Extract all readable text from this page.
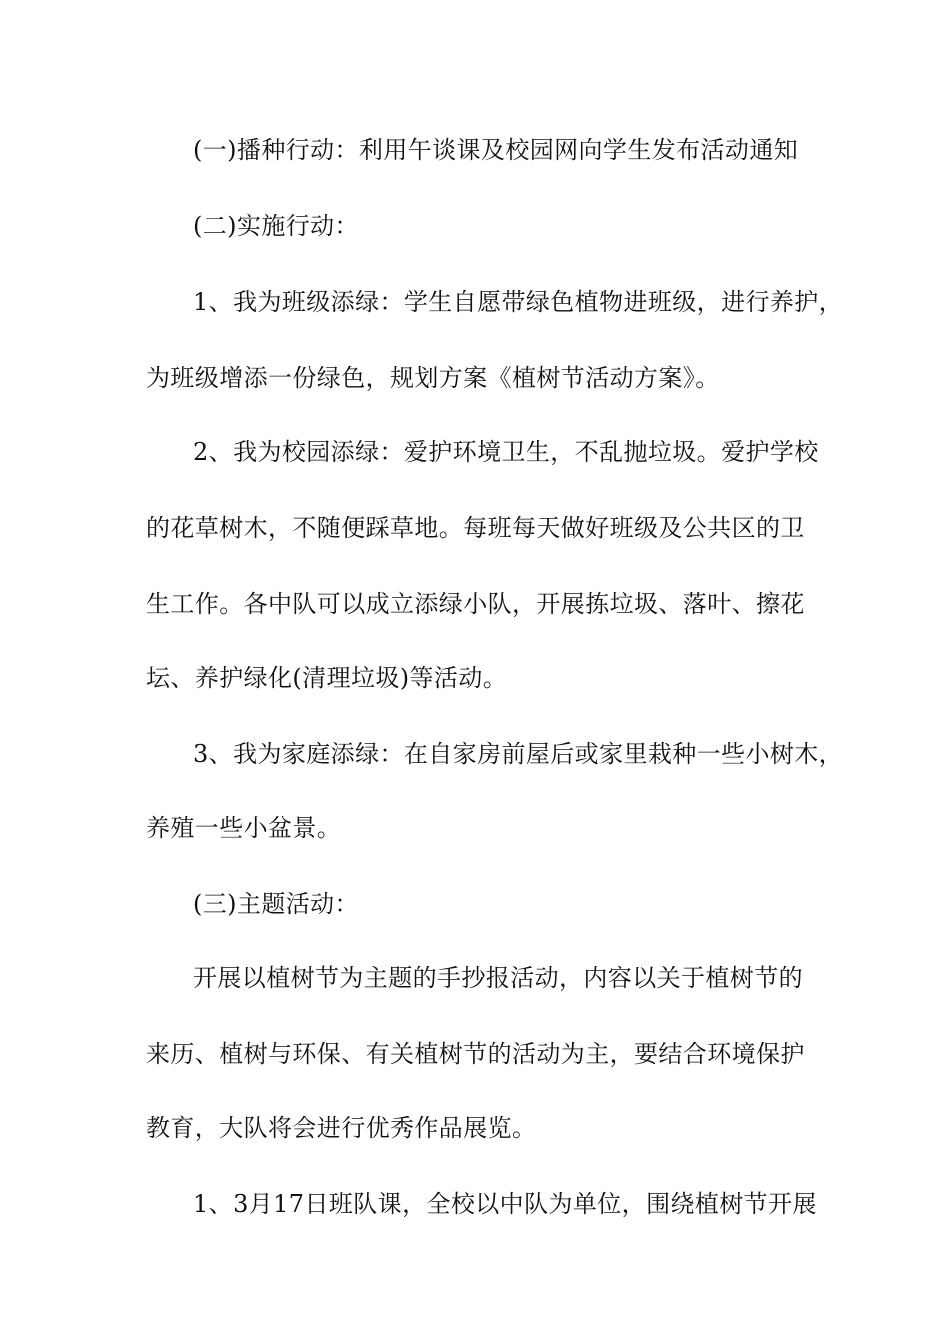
(一)播种行动：利用午谈课及校园网向学生发布活动通知
(二)实施行动：
1、我为班级添绿：学生自愿带绿色植物进班级，进行养护，
为班级增添一份绿色，规划方案《植树节活动方案》。
2、我为校园添绿：爱护环境卫生，不乱抛垃圾。爱护学校
的花草树木，不随便踩草地。每班每天做好班级及公共区的卫
生工作。各中队可以成立添绿小队，开展拣垃圾、落叶、擦花
坛、养护绿化(清理垃圾)等活动。
3、我为家庭添绿：在自家房前屋后或家里栽种一些小树木，
养殖一些小盆景。
(三)主题活动：
开展以植树节为主题的手抄报活动，内容以关于植树节的
来历、植树与环保、有关植树节的活动为主，要结合环境保护
教育，大队将会进行优秀作品展览。
1、3月17日班队课，全校以中队为单位，围绕植树节开展
